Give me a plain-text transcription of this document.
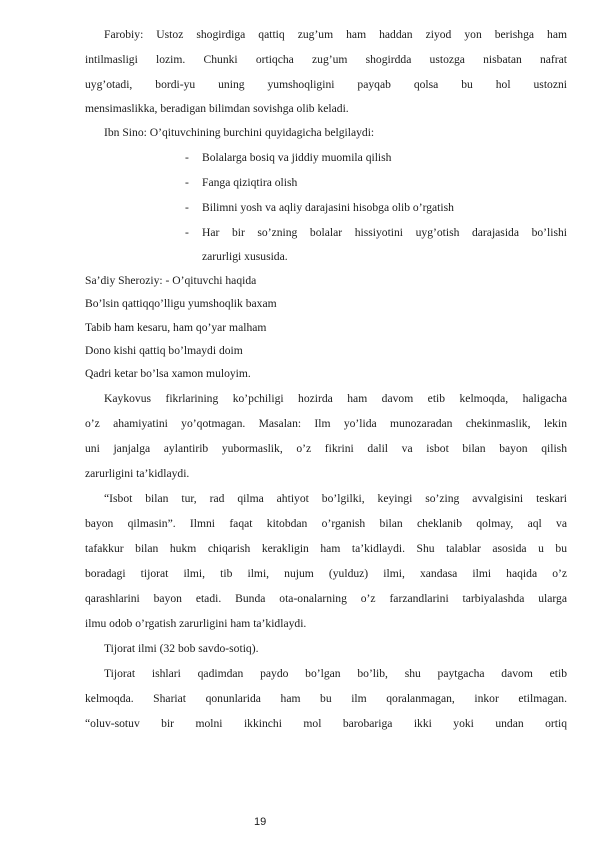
Farobiy: Ustoz shogirdiga qattiq zug’um ham haddan ziyod yon berishga ham
intilmasligi lozim. Chunki ortiqcha zug’um shogirdda ustozga nisbatan nafrat
uyg’otadi, bordi-yu uning yumshoqligini payqab qolsa bu hol ustozni
mensimaslikka, beradigan bilimdan sovishga olib keladi.
Ibn Sino: O’qituvchining burchini quyidagicha belgilaydi:
- Bolalarga bosiq va jiddiy muomila qilish
- Fanga qiziqtira olish
- Bilimni yosh va aqliy darajasini hisobga olib o’rgatish
- Har bir so’zning bolalar hissiyotini uyg’otish darajasida bo’lishi
zarurligi xususida.
Sa’diy Sheroziy: - O’qituvchi haqida
Bo’lsin qattiqqo’lligu yumshoqlik baxam
Tabib ham kesaru, ham qo’yar malham
Dono kishi qattiq bo’lmaydi doim
Qadri ketar bo’lsa xamon muloyim.
Kaykovus fikrlarining ko’pchiligi hozirda ham davom etib kelmoqda, haligacha
o’z ahamiyatini yo’qotmagan. Masalan: Ilm yo’lida munozaradan chekinmaslik, lekin
uni janjalga aylantirib yubormaslik, o’z fikrini dalil va isbot bilan bayon qilish
zarurligini ta’kidlaydi.
“Isbot bilan tur, rad qilma ahtiyot bo’lgilki, keyingi so’zing avvalgisini teskari
bayon qilmasin”. Ilmni faqat kitobdan o’rganish bilan cheklanib qolmay, aql va
tafakkur bilan hukm chiqarish kerakligin ham ta’kidlaydi. Shu talablar asosida u bu
boradagi tijorat ilmi, tib ilmi, nujum (yulduz) ilmi, xandasa ilmi haqida o’z
qarashlarini bayon etadi. Bunda ota-onalarning o’z farzandlarini tarbiyalashda ularga
ilmu odob o’rgatish zarurligini ham ta’kidlaydi.
Tijorat ilmi (32 bob savdo-sotiq).
Tijorat ishlari qadimdan paydo bo’lgan bo’lib, shu paytgacha davom etib
kelmoqda. Shariat qonunlarida ham bu ilm qoralanmagan, inkor etilmagan.
“oluv-sotuv bir molni ikkinchi mol barobariga ikki yoki undan ortiq
19
